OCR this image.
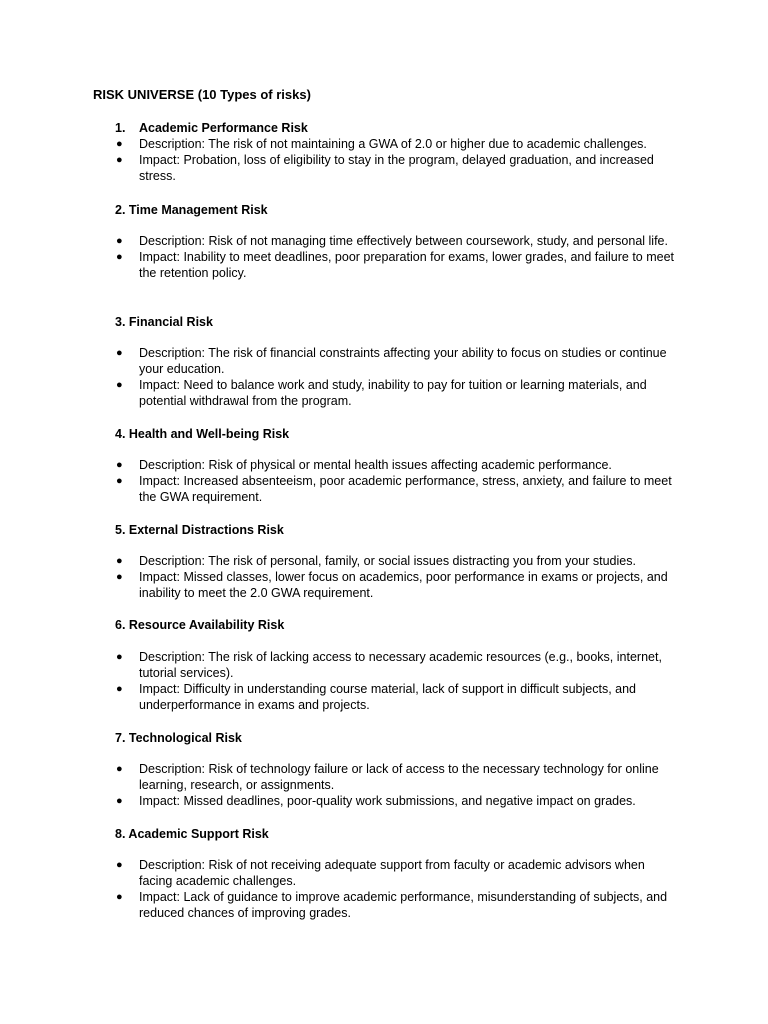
RISK UNIVERSE (10 Types of risks)
1. Academic Performance Risk
● Description: The risk of not maintaining a GWA of 2.0 or higher due to academic challenges.
● Impact: Probation, loss of eligibility to stay in the program, delayed graduation, and increased stress.
2. Time Management Risk
● Description: Risk of not managing time effectively between coursework, study, and personal life.
● Impact: Inability to meet deadlines, poor preparation for exams, lower grades, and failure to meet the retention policy.
3. Financial Risk
● Description: The risk of financial constraints affecting your ability to focus on studies or continue your education.
● Impact: Need to balance work and study, inability to pay for tuition or learning materials, and potential withdrawal from the program.
4. Health and Well-being Risk
● Description: Risk of physical or mental health issues affecting academic performance.
● Impact: Increased absenteeism, poor academic performance, stress, anxiety, and failure to meet the GWA requirement.
5. External Distractions Risk
● Description: The risk of personal, family, or social issues distracting you from your studies.
● Impact: Missed classes, lower focus on academics, poor performance in exams or projects, and inability to meet the 2.0 GWA requirement.
6. Resource Availability Risk
● Description: The risk of lacking access to necessary academic resources (e.g., books, internet, tutorial services).
● Impact: Difficulty in understanding course material, lack of support in difficult subjects, and underperformance in exams and projects.
7. Technological Risk
● Description: Risk of technology failure or lack of access to the necessary technology for online learning, research, or assignments.
● Impact: Missed deadlines, poor-quality work submissions, and negative impact on grades.
8. Academic Support Risk
● Description: Risk of not receiving adequate support from faculty or academic advisors when facing academic challenges.
● Impact: Lack of guidance to improve academic performance, misunderstanding of subjects, and reduced chances of improving grades.
